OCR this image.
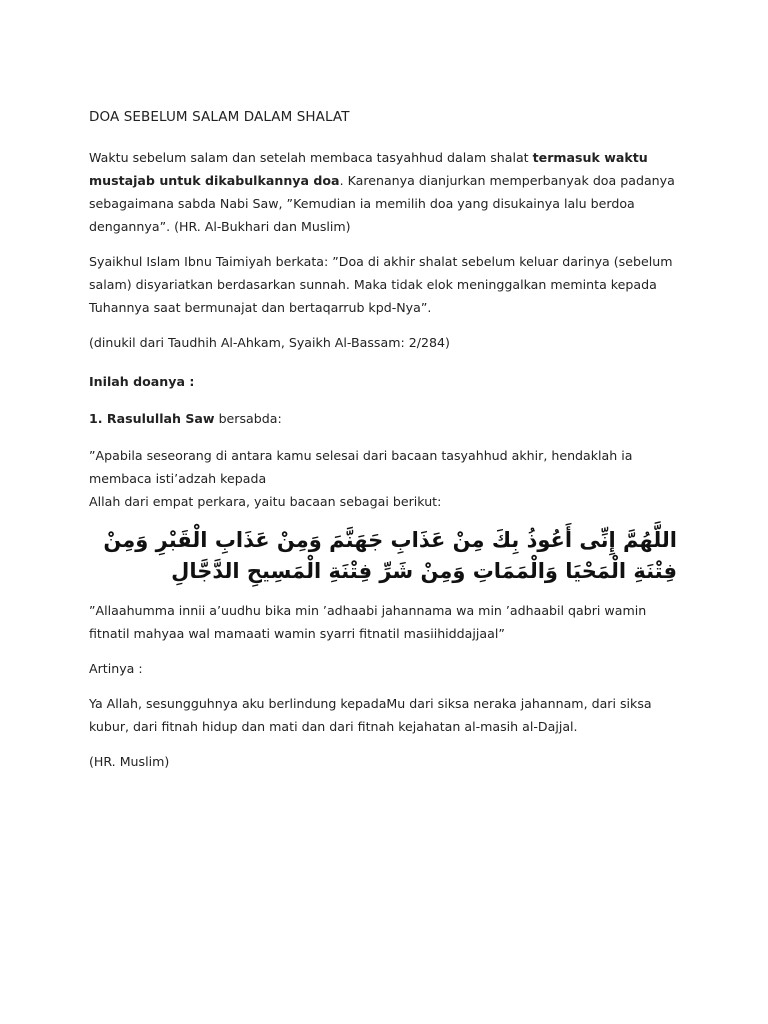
DOA SEBELUM SALAM DALAM SHALAT

Waktu sebelum salam dan setelah membaca tasyahhud dalam shalat termasuk waktu mustajab untuk dikabulkannya doa. Karenanya dianjurkan memperbanyak doa padanya sebagaimana sabda Nabi Saw, ”Kemudian ia memilih doa yang disukainya lalu berdoa dengannya”. (HR. Al-Bukhari dan Muslim)

Syaikhul Islam Ibnu Taimiyah berkata: ”Doa di akhir shalat sebelum keluar darinya (sebelum salam) disyariatkan berdasarkan sunnah. Maka tidak elok meninggalkan meminta kepada Tuhannya saat bermunajat dan bertaqarrub kpd-Nya”.

(dinukil dari Taudhih Al-Ahkam, Syaikh Al-Bassam: 2/284)

Inilah doanya :

1. Rasulullah Saw bersabda:

”Apabila seseorang di antara kamu selesai dari bacaan tasyahhud akhir, hendaklah ia membaca isti’adzah kepada
Allah dari empat perkara, yaitu bacaan sebagai berikut:

اللَّهُمَّ إِنِّى أَعُوذُ بِكَ مِنْ عَذَابِ جَهَنَّمَ وَمِنْ عَذَابِ الْقَبْرِ وَمِنْ فِتْنَةِ الْمَحْيَا وَالْمَمَاتِ وَمِنْ شَرِّ فِتْنَةِ الْمَسِيحِ الدَّجَّالِ

”Allaahumma innii a’uudhu bika min ’adhaabi jahannama wa min ’adhaabil qabri wamin fitnatil mahyaa wal mamaati wamin syarri fitnatil masiihiddajjaal”

Artinya :

Ya Allah, sesungguhnya aku berlindung kepadaMu dari siksa neraka jahannam, dari siksa kubur, dari fitnah hidup dan mati dan dari fitnah kejahatan al-masih al-Dajjal.

(HR. Muslim)
